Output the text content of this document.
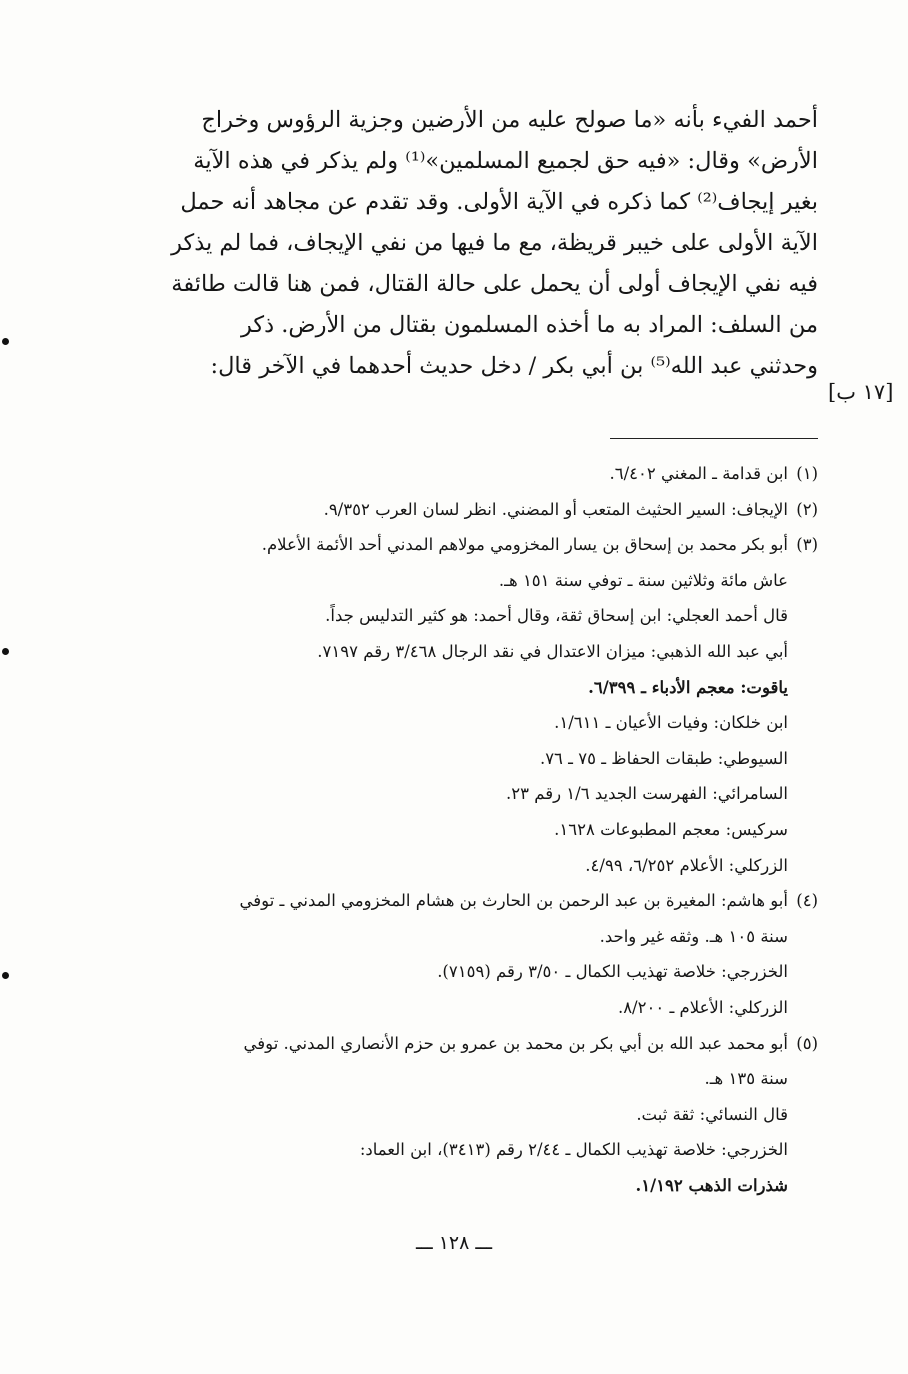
أحمد الفيء بأنه «ما صولح عليه من الأرضين وجزية الرؤوس وخراج

الأرض» وقال: «فيه حق لجميع المسلمين»⁽¹⁾ ولم يذكر في هذه الآية

بغير إيجاف⁽²⁾ كما ذكره في الآية الأولى. وقد تقدم عن مجاهد أنه حمل

الآية الأولى على خيبر قريظة، مع ما فيها من نفي الإيجاف، فما لم يذكر

فيه نفي الإيجاف أولى أن يحمل على حالة القتال، فمن هنا قالت طائفة

من السلف: المراد به ما أخذه المسلمون بقتال من الأرض. ذكر

وحدثني عبد الله⁽⁵⁾ بن أبي بكر / دخل حديث أحدهما في الآخر قال:

[١٧ ب]
(١)ابن قدامة ـ المغني ٦/٤٠٢.
(٢)الإيجاف: السير الحثيث المتعب أو المضني. انظر لسان العرب ٩/٣٥٢.
(٣)أبو بكر محمد بن إسحاق بن يسار المخزومي مولاهم المدني أحد الأئمة الأعلام.
عاش مائة وثلاثين سنة ـ توفي سنة ١٥١ هـ.
قال أحمد العجلي: ابن إسحاق ثقة، وقال أحمد: هو كثير التدليس جداً.
أبي عبد الله الذهبي: ميزان الاعتدال في نقد الرجال ٣/٤٦٨ رقم ٧١٩٧.
ياقوت: معجم الأدباء ـ ٦/٣٩٩.
ابن خلكان: وفيات الأعيان ـ ١/٦١١.
السيوطي: طبقات الحفاظ ـ ٧٥ ـ ٧٦.
السامرائي: الفهرست الجديد ١/٦ رقم ٢٣.
سركيس: معجم المطبوعات ١٦٢٨.
الزركلي: الأعلام ٦/٢٥٢، ٤/٩٩.
(٤)أبو هاشم: المغيرة بن عبد الرحمن بن الحارث بن هشام المخزومي المدني ـ توفي
سنة ١٠٥ هـ. وثقه غير واحد.
الخزرجي: خلاصة تهذيب الكمال ـ ٣/٥٠ رقم (٧١٥٩).
الزركلي: الأعلام ـ ٨/٢٠٠.
(٥)أبو محمد عبد الله بن أبي بكر بن محمد بن عمرو بن حزم الأنصاري المدني. توفي
سنة ١٣٥ هـ.
قال النسائي: ثقة ثبت.
الخزرجي: خلاصة تهذيب الكمال ـ ٢/٤٤ رقم (٣٤١٣)، ابن العماد:
شذرات الذهب ١/١٩٢.
ـــ ١٢٨ ـــ
